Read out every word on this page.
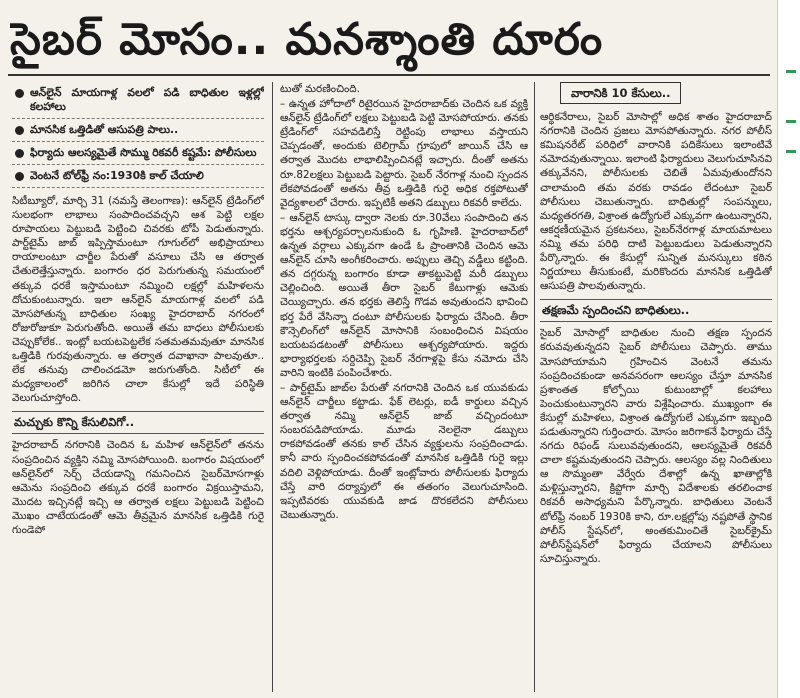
సైబర్ మోసం.. మనశ్శాంతి దూరం
ఆన్‌లైన్ మాయగాళ్ల వలలో పడి బాధితుల ఇళ్లల్లో కలహాలు
మానసిక ఒత్తిడితో ఆసుపత్రి పాలు..
ఫిర్యాదు ఆలస్యమైతే సొమ్ము రికవరీ కష్టమే: పోలీసులు
వెంటనే టోల్‌ఫ్రీ నం:1930కి కాల్ చేయాలి

సిటీబ్యూరో, మార్చి 31 (నమస్తే తెలంగాణ): ఆన్‌లైన్ ట్రేడింగ్‌లో సులభంగా లాభాలు సంపాదించవచ్చని ఆశ పెట్టి లక్షల రూపాయలు పెట్టుబడి పెట్టించి చివరకు టోపీ పెడుతున్నారు. పార్ట్‌టైమ్ జాబ్ ఇప్పిస్తామంటూ గూగుల్‌లో అభిప్రాయాలు రాయాలంటూ చార్జీల పేరుతో వసూలు చేసి ఆ తర్వాత చేతులెత్తేస్తున్నారు. బంగారం ధర పెరుగుతున్న సమయంలో తక్కువ ధరకే ఇస్తామంటూ నమ్మించి లక్షల్లో మహిళలను దోచుకుంటున్నారు. ఇలా ఆన్‌లైన్ మాయగాళ్ల వలలో పడి మోసపోతున్న బాధితుల సంఖ్య హైదరాబాద్ నగరంలో రోజురోజుకూ పెరుగుతోంది. అయితే తమ బాధలు పోలీసులకు చెప్పుకోలేక.. ఇంట్లో బయటపెట్టలేక సతమతమవుతూ మానసిక ఒత్తిడికి గురవుతున్నారు. ఆ తర్వాత దవాఖానా పాలవుతూ.. లేక తనువు చాలించడమో జరుగుతోంది. సిటీలో ఈ మధ్యకాలంలో జరిగిన చాలా కేసుల్లో ఇదే పరిస్థితి వెలుగుచూస్తోంది.

మచ్చుకు కొన్ని కేసులివిగో..

హైదరాబాద్ నగరానికి చెందిన ఓ మహిళ ఆన్‌లైన్‌లో తనను సంప్రదించిన వ్యక్తిని నమ్మి మోసపోయింది. బంగారం విషయంలో ఆన్‌లైన్‌లో సెర్చ్ చేయడాన్ని గమనించిన సైబర్‌మోసగాళ్లు ఆమెను సంప్రదించి తక్కువ ధరకే బంగారం విక్రయిస్తామని, మొదట ఇచ్చినట్లే ఇచ్చి ఆ తర్వాత లక్షలు పెట్టుబడి పెట్టించి మొఖం చాటేయడంతో ఆమె తీవ్రమైన మానసిక ఒత్తిడికి గురై గుండెపో

టుతో మరణించింది.

– ఉన్నత హోదాలో రిటైరయిన హైదరాబాద్‌కు చెందిన ఒక వ్యక్తి ఆన్‌లైన్ ట్రేడింగ్‌లో లక్షలు పెట్టుబడి పెట్టి మోసపోయారు. తనకు ట్రేడింగ్‌లో సహవడిలిస్తే రెట్టింపు లాభాలు వస్తాయని చెప్పడంతో, అందుకు టెలిగ్రామ్ గ్రూపులో జాయిన్ చేసి ఆ తర్వాత మొదట లాభాలిప్పించినట్లే ఇచ్చారు. దీంతో అతను రూ.82లక్షలు పెట్టుబడి పెట్టారు. సైబర్ నేరగాళ్ల నుంచి స్పందన లేకపోవడంతో అతను తీవ్ర ఒత్తిడికి గురై అధిక రక్తపోటుతో వైద్యశాలలో చేరారు. ఇప్పటికీ అతని డబ్బులు రికవరీ కాలేదు.

– ఆన్‌లైన్ టాస్కు ద్వారా నెలకు రూ.30వేలు సంపాదించి తన భర్తను ఆశ్చర్యపర్చాలనుకుంది ఓ గృహిణి. హైదరాబాద్‌లో ఉన్నత వర్గాలు ఎక్కువగా ఉండే ఓ ప్రాంతానికి చెందిన ఆమె ఆన్‌లైన్ చూసి అంగీకరించారు. అప్పులు తెచ్చి వడ్డీలు కట్టింది. తన దగ్గరున్న బంగారం కూడా తాకట్టుపెట్టి మరీ డబ్బులు చెల్లించింది. అయితే తీరా సైబర్ కేటుగాళ్లు ఆమెకు చెయ్యిచ్చారు. తన భర్తకు తెలిస్తే గొడవ అవుతుందని భావించి భర్త పేరే వేసిన్నా దంటూ పోలీసులకు ఫిర్యాదు చేసింది. తీరా కౌన్సెలింగ్‌లో ఆన్‌లైన్ మోసానికి సంబంధించిన విషయం బయటపడటంతో పోలీసులు ఆశ్చర్యపోయారు. ఇద్దరు భార్యాభర్తలకు సర్దిచెప్పి సైబర్ నేరగాళ్లపై కేసు నమోదు చేసి వారిని ఇంటికి పంపించేశారు.

– పార్ట్‌టైమ్ జాబ్‌ల పేరుతో నగరానికి చెందిన ఒక యువకుడు ఆన్‌లైన్ చార్జీలు కట్టాడు. ఫేక్ లెటర్లు, ఐడీ కార్డులు వచ్చిన తర్వాత నమ్మి ఆన్‌లైన్ జాబ్ వచ్చిందంటూ సంబరపడిపోయాడు. మూడు నెలలైనా డబ్బులు రాకపోవడంతో తనకు కాల్ చేసిన వ్యక్తులను సంప్రదించాడు. కానీ వారు స్పందించకపోవడంతో మానసిక ఒత్తిడికి గురై ఇల్లు వదిలి వెళ్లిపోయాడు. దీంతో ఇంట్లోవారు పోలీసులకు ఫిర్యాదు చేస్తే వారి దర్యాప్తులో ఈ తతంగం వెలుగుచూసింది. ఇప్పటివరకు యువకుడి జాడ దొరకలేదని పోలీసులు చెబుతున్నారు.

వారానికి 10 కేసులు..

ఆర్థికనేరాలు, సైబర్ మోసాల్లో అధిక శాతం హైదరాబాద్ నగరానికి చెందిన ప్రజలు మోసపోతున్నారు. నగర పోలీస్ కమిషనరేట్ పరిధిలో వారానికి పదికేసులు ఇలాంటివే నమోదవుతున్నాయి. ఇలాంటి ఫిర్యాదులు వెలుగుచూసినవి తక్కువేనని, పోలీసులకు చెబితే ఏమవుతుందోనని చాలామంది తమ వరకు రావడం లేదంటూ సైబర్ పోలీసులు చెబుతున్నారు. బాధితుల్లో సంపన్నులు, మధ్యతరగతి, విశ్రాంత ఉద్యోగులే ఎక్కువగా ఉంటున్నారని, ఆకర్షణీయమైన ప్రకటనలు, సైబర్‌నేరగాళ్ల మాయమాటలు నమ్మి తమ పరిధి దాటి పెట్టుబడులు పెడుతున్నారని పేర్కొన్నారు. ఈ కేసుల్లో సున్నిత మనస్కులు కఠిన నిర్ణయాలు తీసుకుంటే, మరికొందరు మానసిక ఒత్తిడితో ఆసుపత్రి పాలవుతున్నారు.

తక్షణమే స్పందించని బాధితులు..

సైబర్ మోసాల్లో బాధితుల నుంచి తక్షణ స్పందన కరువవుతున్నదని సైబర్ పోలీసులు చెప్పారు. తాము మోసపోయామని గ్రహించిన వెంటనే తమను సంప్రదించకుండా అనవసరంగా ఆలస్యం చేస్తూ మానసిక ప్రశాంతత కోల్పోయి కుటుంబాల్లో కలహాలు పెంచుకుంటున్నారని వారు విశ్లేషించారు. ముఖ్యంగా ఈ కేసుల్లో మహిళలు, విశ్రాంత ఉద్యోగులే ఎక్కువగా ఇబ్బంది పడుతున్నారని గుర్తించారు. మోసం జరిగాకనే ఫిర్యాదు చేస్తే నగదు రిఫండ్ సులువవుతుందని, ఆలస్యమైతే రికవరీ చాలా కష్టమవుతుందని చెప్పారు. ఆలస్యం వల్ల నిందితులు ఆ సొమ్మంతా వేర్వేరు దేశాల్లో ఉన్న ఖాతాల్లోకి మళ్లిస్తున్నారని, క్రిప్టోగా మార్చి విదేశాలకు తరలించాక రికవరీ అసాధ్యమని పేర్కొన్నారు. బాధితులు వెంటనే టోల్‌ఫ్రీ నంబర్ 1930కి కాని, రూ.లక్షల్లోపు నష్టపోతే స్థానిక పోలీస్ స్టేషన్‌లో, అంతకుమించితే సైబర్‌క్రైమ్ పోలీస్‌స్టేషన్‌లో ఫిర్యాదు చేయాలని పోలీసులు సూచిస్తున్నారు.
